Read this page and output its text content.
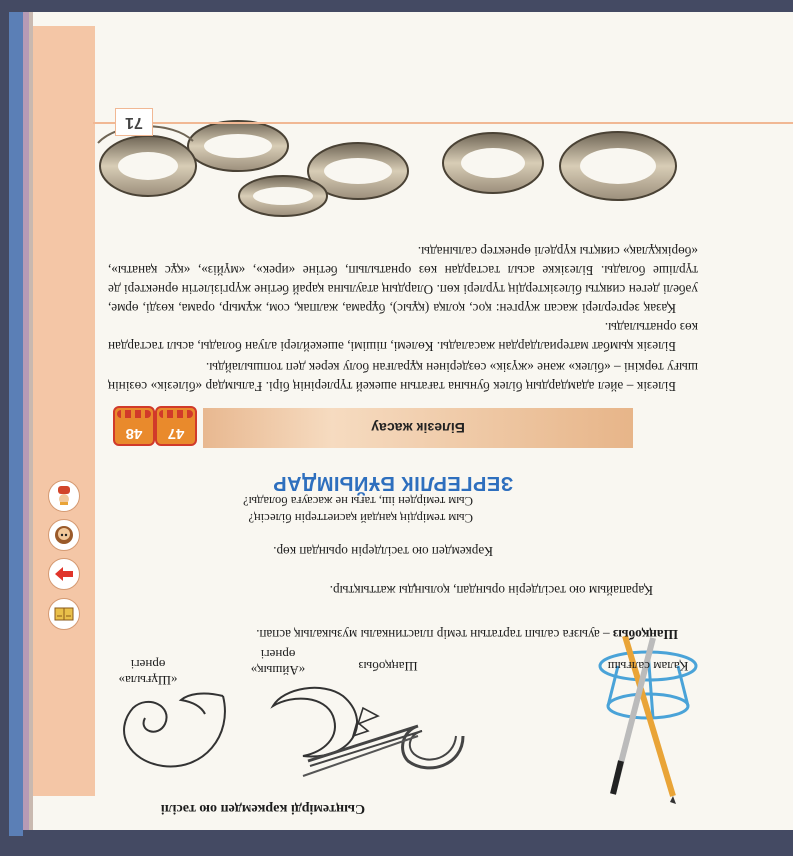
Сыңтемірді кәркемдеп ою тәсілі
«Шұғыла» өрнегі	«Айшық» өрнегі
Шаңқобыз	Қалам салғыш
Шаңқобыз – ауызға салып тартатын темір пластинкалы музыкалық аспап.
Қарапайым ою тәсілдерін орындап, қолыңды жаттықтыр.
Кәркемдеп ою тәсілдерін орындап көр.
Сым темірдің қандай қасиеттерін білесің?
Сым темірден іш, тағы не жасауға болады?
ЗЕРГЕРЛІК БҰЙЫМДАР
Білезік жасау
47
48
Білезік – әйел адамдардың білек бунына тағатын әшекей түрлерінің бірі. Ғалымдар «білезік» сөзінің шығу төркіні – «білек» және «жүзік» сөздерінен құралған болу керек деп топшылайды.
Білезік қымбат материалдардан жасалады. Көлемі, пішімі, әшекейлері алуан болады, асыл тастардан көз орнатылады.
Қазақ зергерлері жасап жүрген: қос, қолқа (құыс), бұрама, жалпақ, сом, жұмыр, орама, көздi, өрме, уәбелі деген сияқты білезіктердің түрлері көп. Олардың атаулына қарай бетіне жүргізілетін өрнектері де түрліше болады. Білезікке асыл тастардан көз орнатылып, бетіне «ирек», «мүйіз», «құс қанаты», «бөрікқұлақ» сияқты күрделі өрнектер салынады.
71
